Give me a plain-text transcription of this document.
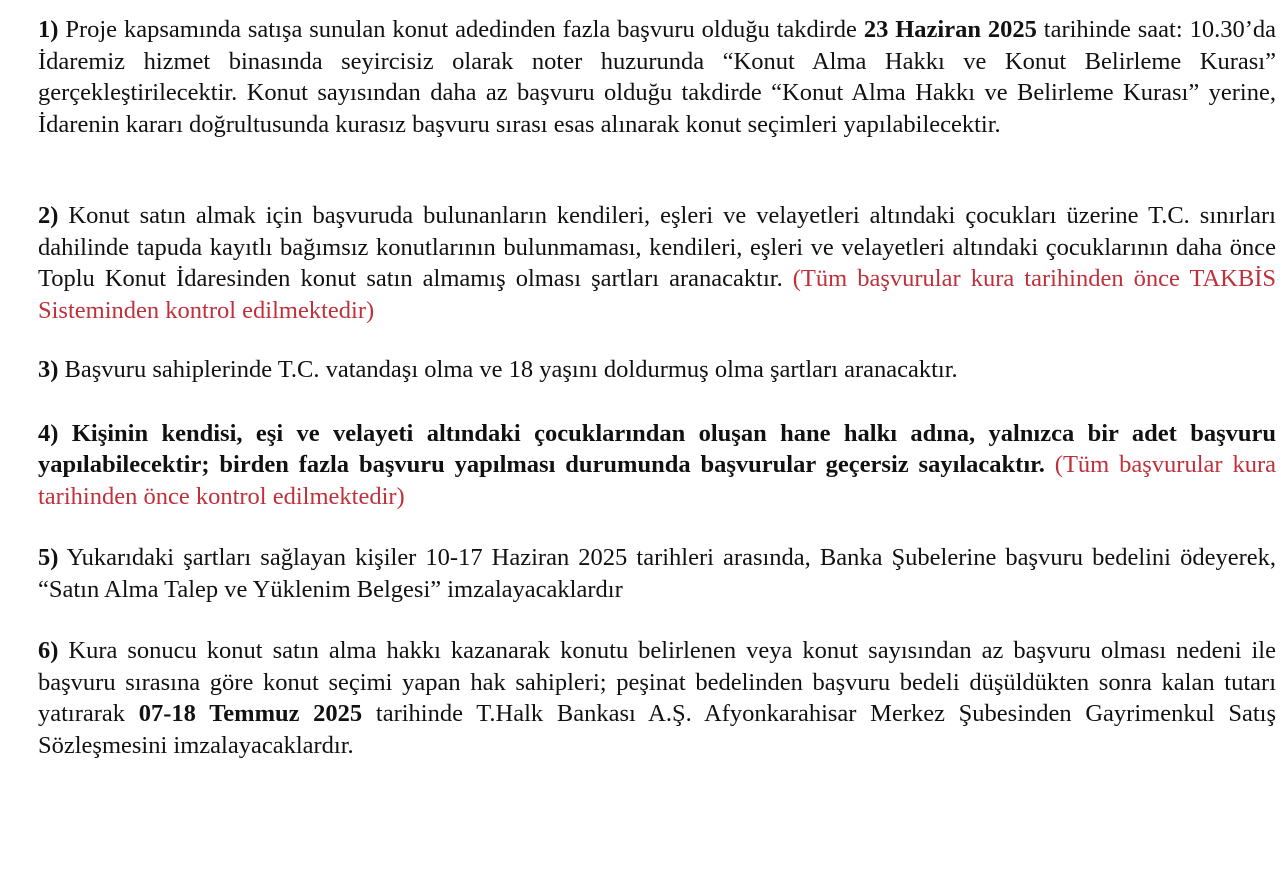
1) Proje kapsamında satışa sunulan konut adedinden fazla başvuru olduğu takdirde 23 Haziran 2025 tarihinde saat: 10.30’da İdaremiz hizmet binasında seyircisiz olarak noter huzurunda “Konut Alma Hakkı ve Konut Belirleme Kurası” gerçekleştirilecektir. Konut sayısından daha az başvuru olduğu takdirde “Konut Alma Hakkı ve Belirleme Kurası” yerine, İdarenin kararı doğrultusunda kurasız başvuru sırası esas alınarak konut seçimleri yapılabilecektir.

2) Konut satın almak için başvuruda bulunanların kendileri, eşleri ve velayetleri altındaki çocukları üzerine T.C. sınırları dahilinde tapuda kayıtlı bağımsız konutlarının bulunmaması, kendileri, eşleri ve velayetleri altındaki çocuklarının daha önce Toplu Konut İdaresinden konut satın almamış olması şartları aranacaktır. (Tüm başvurular kura tarihinden önce TAKBİS Sisteminden kontrol edilmektedir)

3) Başvuru sahiplerinde T.C. vatandaşı olma ve 18 yaşını doldurmuş olma şartları aranacaktır.

4) Kişinin kendisi, eşi ve velayeti altındaki çocuklarından oluşan hane halkı adına, yalnızca bir adet başvuru yapılabilecektir; birden fazla başvuru yapılması durumunda başvurular geçersiz sayılacaktır. (Tüm başvurular kura tarihinden önce kontrol edilmektedir)

5) Yukarıdaki şartları sağlayan kişiler 10-17 Haziran 2025 tarihleri arasında, Banka Şubelerine başvuru bedelini ödeyerek, “Satın Alma Talep ve Yüklenim Belgesi” imzalayacaklardır

6) Kura sonucu konut satın alma hakkı kazanarak konutu belirlenen veya konut sayısından az başvuru olması nedeni ile başvuru sırasına göre konut seçimi yapan hak sahipleri; peşinat bedelinden başvuru bedeli düşüldükten sonra kalan tutarı yatırarak 07-18 Temmuz 2025 tarihinde T.Halk Bankası A.Ş. Afyonkarahisar Merkez Şubesinden Gayrimenkul Satış Sözleşmesini imzalayacaklardır.
